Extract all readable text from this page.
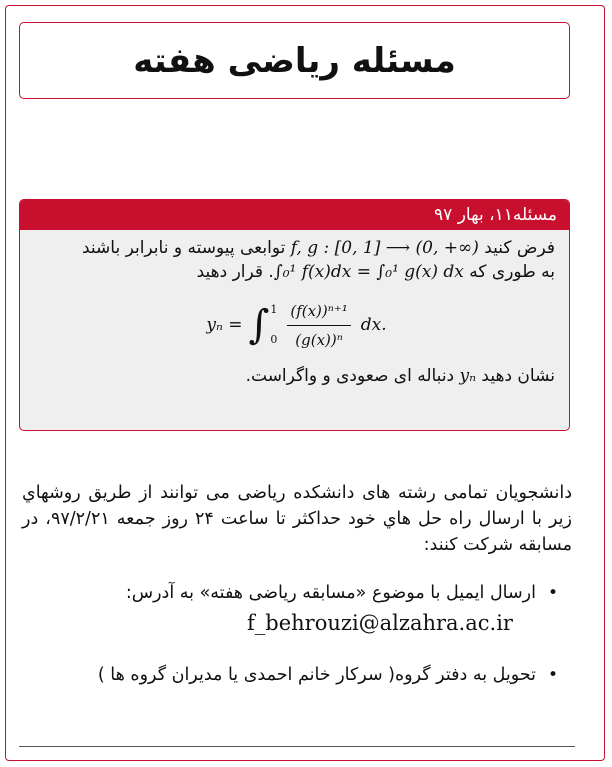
مسئله ریاضی هفته
مسئله۱۱، بهار ۹۷
فرض کنید f, g : [0, 1] ⟶ (0, +∞) توابعی پیوسته و نابرابر باشند
به طوری که ∫₀¹ f(x)dx = ∫₀¹ g(x) dx. قرار دهید
yₙ = ∫ 1
$0 \frac{\text{(f(x))ⁿ⁺¹}}{\text{(g(x))ⁿ}}$ dx.
نشان دهید yₙ دنباله ای صعودی و واگراست.
دانشجویان تمامی رشته های دانشکده ریاضی می توانند از طریق روشهاي زیر با ارسال راه حل هاي خود حداکثر تا ساعت ۲۴ روز جمعه ۹۷/۲/۲۱، در مسابقه شرکت کنند:
•
ارسال ایمیل با موضوع «مسابقه ریاضی هفته» به آدرس:
f_behrouzi@alzahra.ac.ir
•
تحویل به دفتر گروه( سرکار خانم احمدی یا مدیران گروه ها )
